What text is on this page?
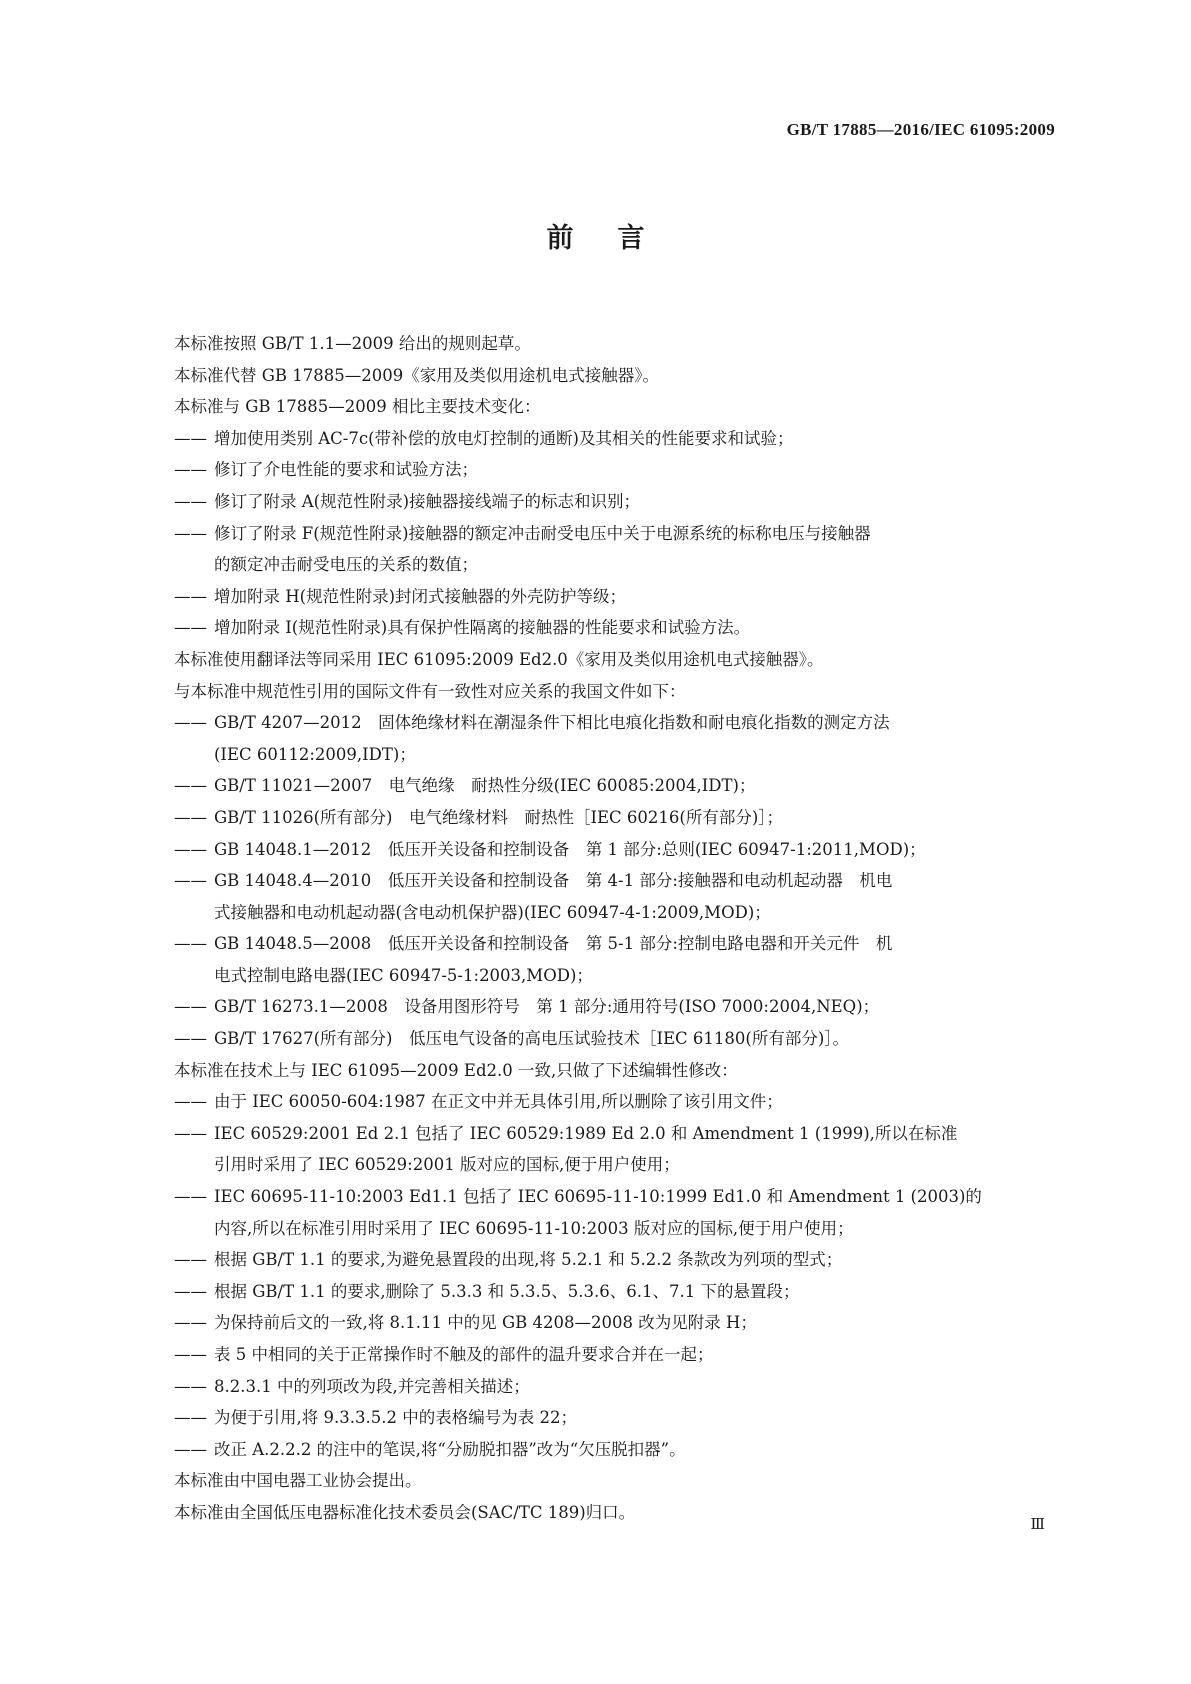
GB/T 17885—2016/IEC 61095:2009
前言
本标准按照 GB/T 1.1—2009 给出的规则起草。
本标准代替 GB 17885—2009《家用及类似用途机电式接触器》。
本标准与 GB 17885—2009 相比主要技术变化：
—— 增加使用类别 AC-7c(带补偿的放电灯控制的通断)及其相关的性能要求和试验；
—— 修订了介电性能的要求和试验方法；
—— 修订了附录 A(规范性附录)接触器接线端子的标志和识别；
—— 修订了附录 F(规范性附录)接触器的额定冲击耐受电压中关于电源系统的标称电压与接触器
的额定冲击耐受电压的关系的数值；
—— 增加附录 H(规范性附录)封闭式接触器的外壳防护等级；
—— 增加附录 I(规范性附录)具有保护性隔离的接触器的性能要求和试验方法。
本标准使用翻译法等同采用 IEC 61095:2009 Ed2.0《家用及类似用途机电式接触器》。
与本标准中规范性引用的国际文件有一致性对应关系的我国文件如下：
—— GB/T 4207—2012　固体绝缘材料在潮湿条件下相比电痕化指数和耐电痕化指数的测定方法
(IEC 60112:2009,IDT)；
—— GB/T 11021—2007　电气绝缘　耐热性分级(IEC 60085:2004,IDT)；
—— GB/T 11026(所有部分)　电气绝缘材料　耐热性［IEC 60216(所有部分)］；
—— GB 14048.1—2012　低压开关设备和控制设备　第 1 部分:总则(IEC 60947-1:2011,MOD)；
—— GB 14048.4—2010　低压开关设备和控制设备　第 4-1 部分:接触器和电动机起动器　机电
式接触器和电动机起动器(含电动机保护器)(IEC 60947-4-1:2009,MOD)；
—— GB 14048.5—2008　低压开关设备和控制设备　第 5-1 部分:控制电路电器和开关元件　机
电式控制电路电器(IEC 60947-5-1:2003,MOD)；
—— GB/T 16273.1—2008　设备用图形符号　第 1 部分:通用符号(ISO 7000:2004,NEQ)；
—— GB/T 17627(所有部分)　低压电气设备的高电压试验技术［IEC 61180(所有部分)］。
本标准在技术上与 IEC 61095—2009 Ed2.0 一致,只做了下述编辑性修改：
—— 由于 IEC 60050-604:1987 在正文中并无具体引用,所以删除了该引用文件；
—— IEC 60529:2001 Ed 2.1 包括了 IEC 60529:1989 Ed 2.0 和 Amendment 1 (1999),所以在标准
引用时采用了 IEC 60529:2001 版对应的国标,便于用户使用；
—— IEC 60695-11-10:2003 Ed1.1 包括了 IEC 60695-11-10:1999 Ed1.0 和 Amendment 1 (2003)的
内容,所以在标准引用时采用了 IEC 60695-11-10:2003 版对应的国标,便于用户使用；
—— 根据 GB/T 1.1 的要求,为避免悬置段的出现,将 5.2.1 和 5.2.2 条款改为列项的型式；
—— 根据 GB/T 1.1 的要求,删除了 5.3.3 和 5.3.5、5.3.6、6.1、7.1 下的悬置段；
—— 为保持前后文的一致,将 8.1.11 中的见 GB 4208—2008 改为见附录 H；
—— 表 5 中相同的关于正常操作时不触及的部件的温升要求合并在一起；
—— 8.2.3.1 中的列项改为段,并完善相关描述；
—— 为便于引用,将 9.3.3.5.2 中的表格编号为表 22；
—— 改正 A.2.2.2 的注中的笔误,将“分励脱扣器”改为“欠压脱扣器”。
本标准由中国电器工业协会提出。
本标准由全国低压电器标准化技术委员会(SAC/TC 189)归口。
Ⅲ
